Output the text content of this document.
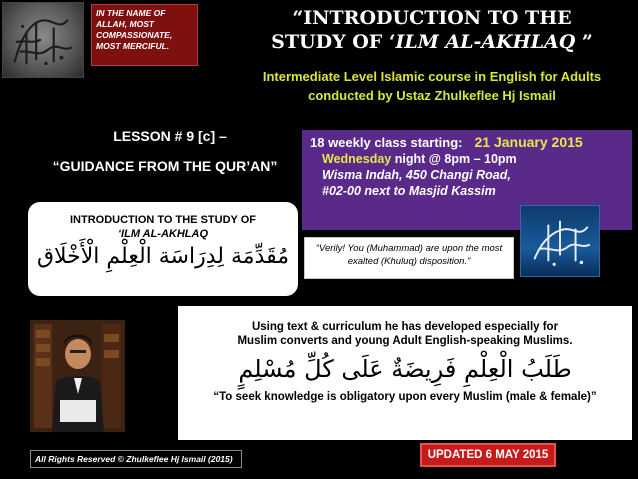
IN THE NAME OF ALLAH, MOST COMPASSIONATE, MOST MERCIFUL.
“INTRODUCTION TO THE
STUDY OF ‘ILM AL-AKHLAQ ”
Intermediate Level Islamic course in English for Adults
conducted by Ustaz Zhulkeflee Hj Ismail
LESSON # 9 [c] –
“GUIDANCE FROM THE QUR’AN”
18 weekly class starting: 21 January 2015
Wednesday night @ 8pm – 10pm
Wisma Indah, 450 Changi Road,
#02-00 next to Masjid Kassim
INTRODUCTION TO THE STUDY OF
‘ILM AL-AKHLAQ
مُقَدِّمَة لِدِرَاسَة الْعِلْمِ الْأَخْلَاق	“Verily! You (Muhammad) are upon the most exalted (Khuluq) disposition.”
Using text & curriculum he has developed especially for
Muslim converts and young Adult English-speaking Muslims.
طَلَبُ الْعِلْمِ فَرِيضَةٌ عَلَى كُلِّ مُسْلِمٍ
“To seek knowledge is obligatory upon every Muslim (male & female)”
All Rights Reserved © Zhulkeflee Hj Ismail (2015)	UPDATED 6 MAY 2015
